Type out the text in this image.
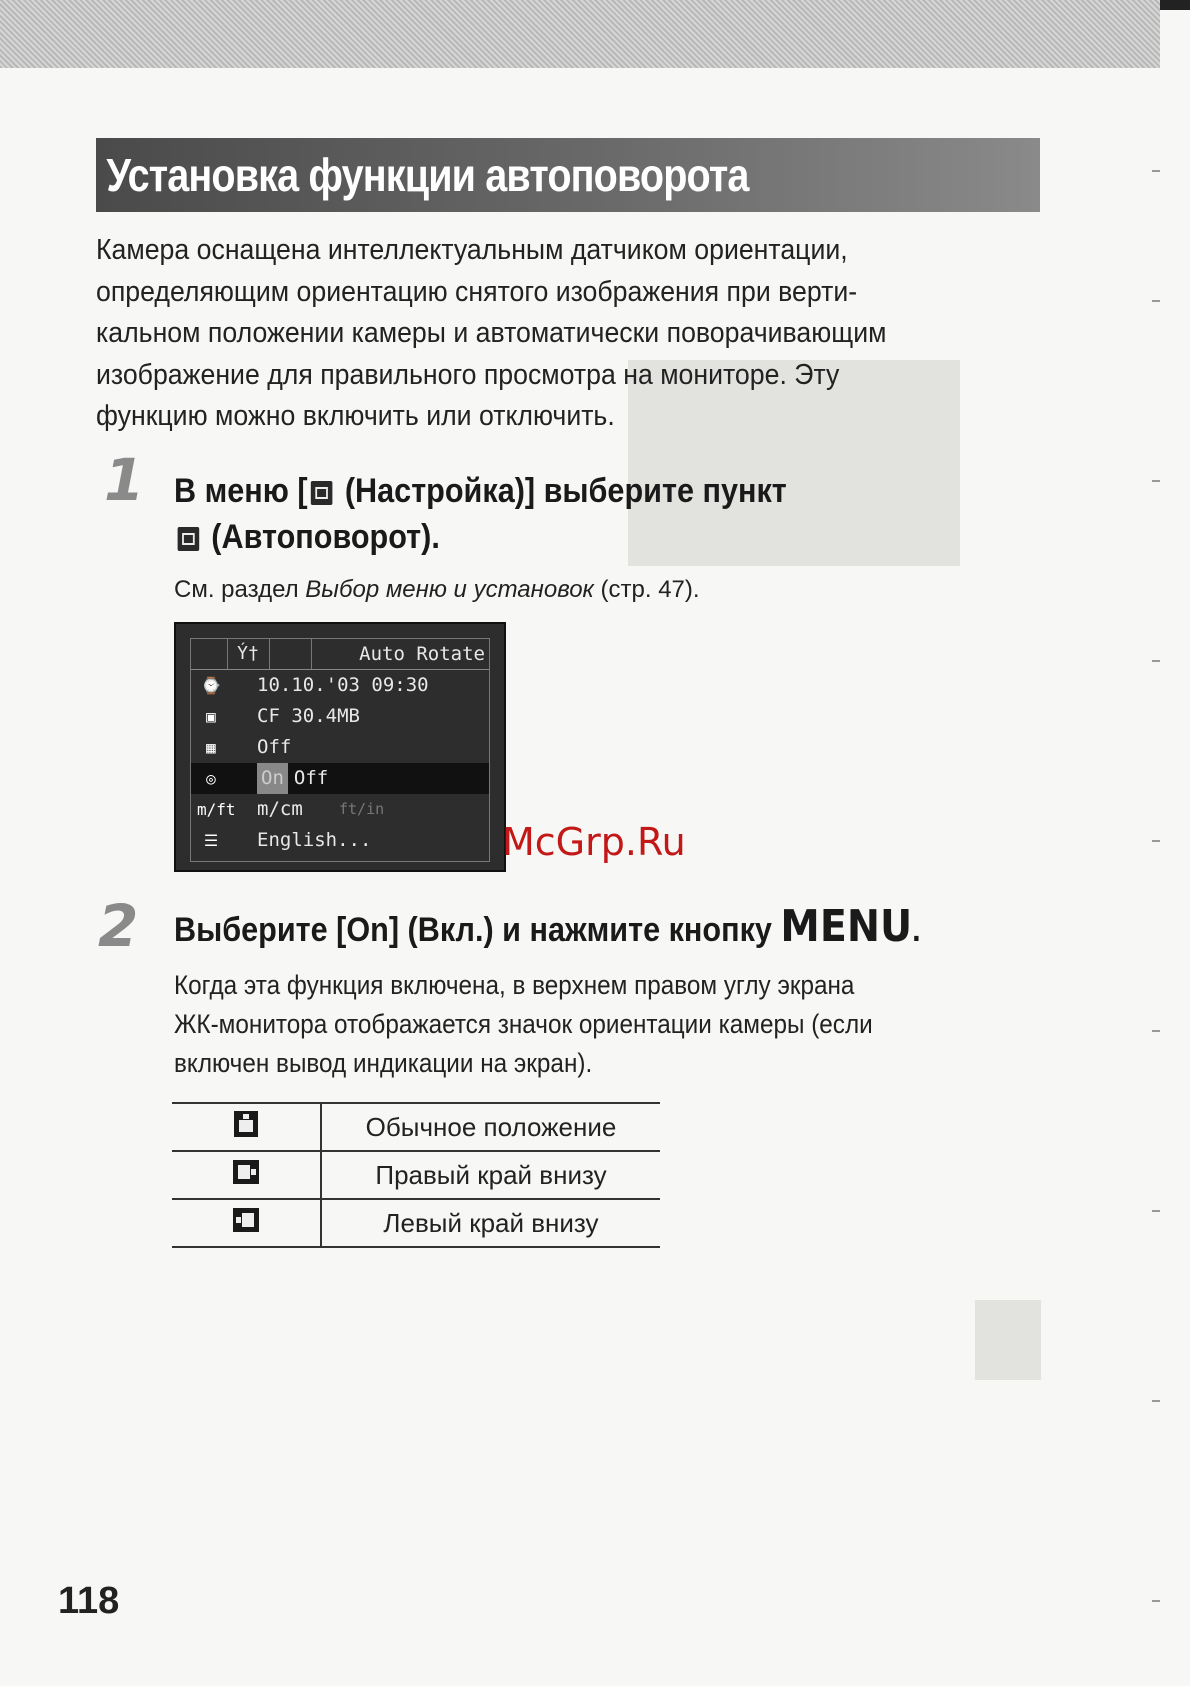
Установка функции автоповорота

Камера оснащена интеллектуальным датчиком ориентации,

определяющим ориентацию снятого изображения при верти-

кальном положении камеры и автоматически поворачивающим

изображение для правильного просмотра на мониторе. Эту

функцию можно включить или отключить.

1 В меню [ (Настройка)] выберите пункт
(Автоповорот).
См. раздел Выбор меню и установок (стр. 47).
Ý†	Auto Rotate
⌚ 10.10.'03 09:30
▣	CF 30.4MB
▦	Off
◎	On Off
m/ft m/cm ft/in
☰	English...	McGrp.Ru
2 Выберите [On] (Вкл.) и нажмите кнопку MENU.

Когда эта функция включена, в верхнем правом углу экрана

ЖК-монитора отображается значок ориентации камеры (если

включен вывод индикации на экран).

	Обычное положение
	Правый край внизу
	Левый край внизу
118
